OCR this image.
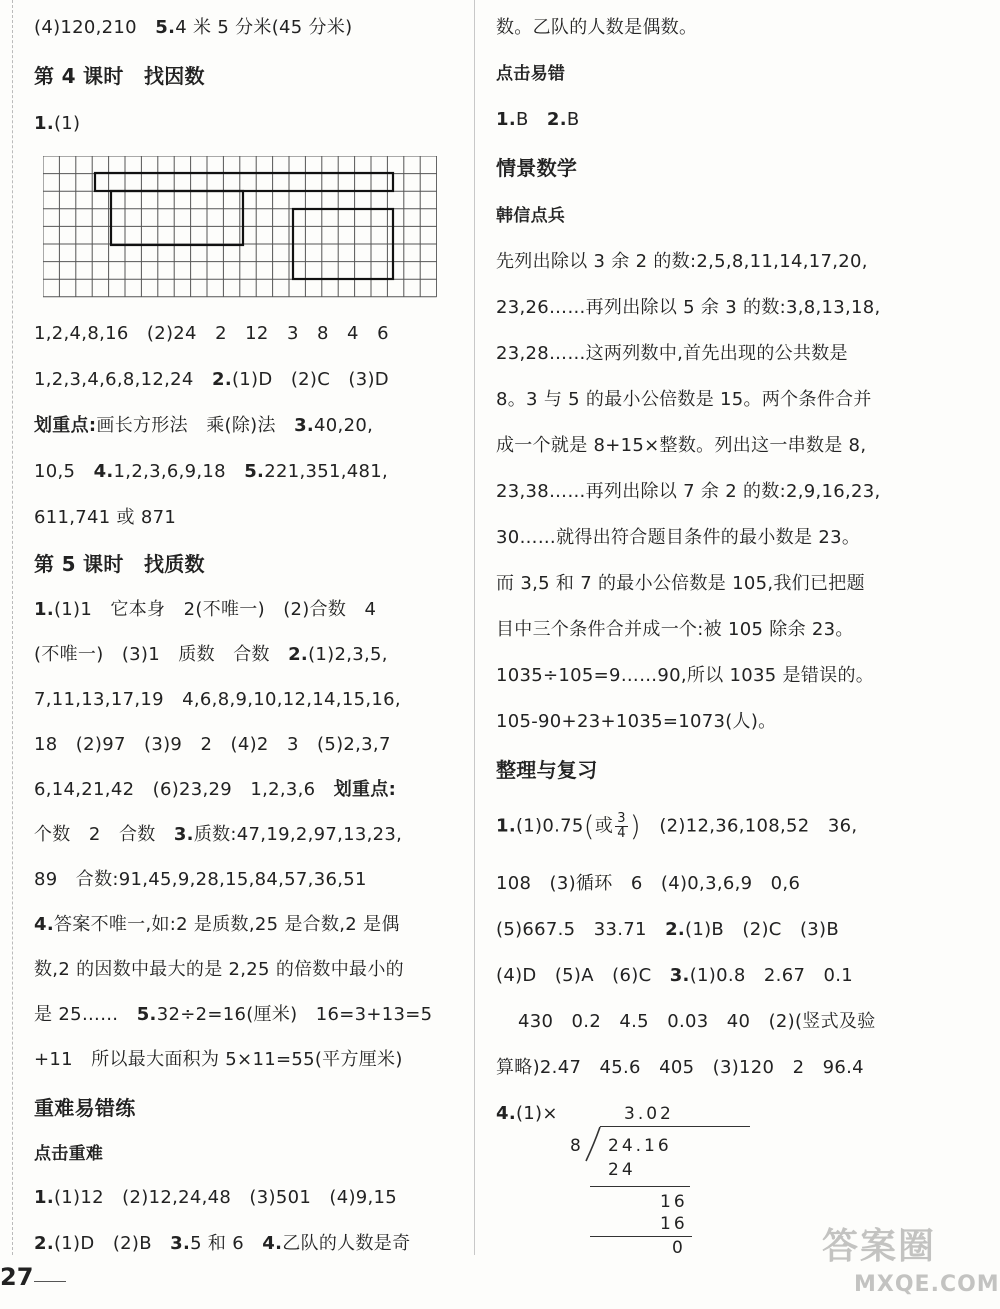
(4)120,210　 5.4 米 5 分米(45 分米)
第 4 课时　找因数
1.(1)
1,2,4,8,16　(2)24　2　12　3　8　4　6
1,2,3,4,6,8,12,24　 2.(1)D　(2)C　(3)D
划重点:画长方形法　乘(除)法　 3.40,20,
10,5　4.1,2,3,6,9,18　5.221,351,481,
611,741 或 871
第 5 课时　找质数
1.(1)1　它本身　2(不唯一)　(2)合数　4
(不唯一)　(3)1　质数　合数　2.(1)2,3,5,
7,11,13,17,19　4,6,8,9,10,12,14,15,16,
18　(2)97　(3)9　2　(4)2　3　(5)2,3,7
6,14,21,42　(6)23,29　1,2,3,6　划重点:
个数　2　合数　3.质数:47,19,2,97,13,23,
89　合数:91,45,9,28,15,84,57,36,51
4.答案不唯一,如:2 是质数,25 是合数,2 是偶
数,2 的因数中最大的是 2,25 的倍数中最小的
是 25……　5.32÷2=16(厘米)　16=3+13=5
+11　所以最大面积为 5×11=55(平方厘米)
重难易错练
点击重难
1.(1)12　(2)12,24,48　(3)501　(4)9,15
2.(1)D　(2)B　3.5 和 6　4.乙队的人数是奇
数。乙队的人数是偶数。
点击易错
1.B　2.B
情景数学
韩信点兵
先列出除以 3 余 2 的数:2,5,8,11,14,17,20,
23,26……再列出除以 5 余 3 的数:3,8,13,18,
23,28……这两列数中,首先出现的公共数是
8。3 与 5 的最小公倍数是 15。两个条件合并
成一个就是 8+15×整数。列出这一串数是 8,
23,38……再列出除以 7 余 2 的数:2,9,16,23,
30……就得出符合题目条件的最小数是 23。
而 3,5 和 7 的最小公倍数是 105,我们已把题
目中三个条件合并成一个:被 105 除余 23。
1035÷105=9……90,所以 1035 是错误的。
105-90+23+1035=1073(人)。
整理与复习
1.(1)0.75(或 $\frac{3}{4}$ )　 (2)12,36,108,52　36,
108　(3)循环　6　(4)0,3,6,9　0,6
(5)667.5　33.71　2.(1)B　(2)C　(3)B
(4)D　(5)A　(6)C　3.(1)0.8　2.67　0.1
430　0.2　4.5　0.03　40　(2)(竖式及验
算略)2.47　45.6　405　(3)120　2　96.4
4.(1)×	3.02
8 24.16
24
16
16
0
27
答案圈
MXQE.COM
